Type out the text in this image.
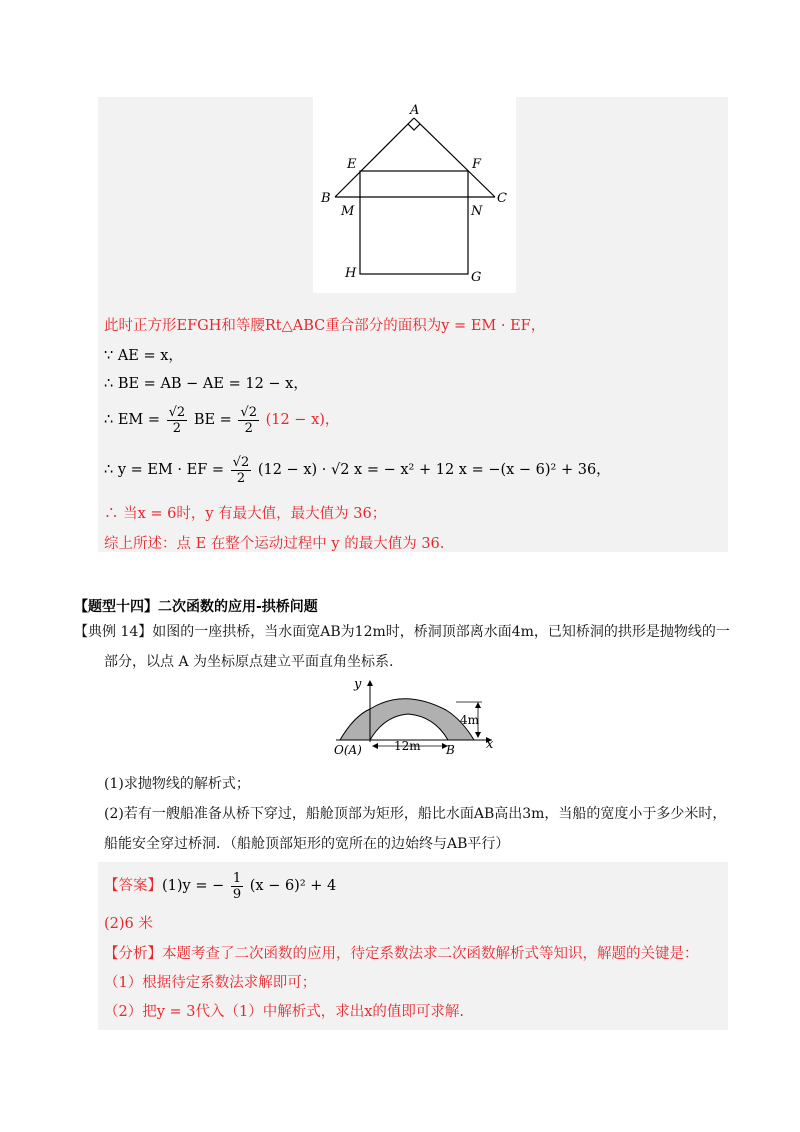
A
E	F
B	C
M	N
H	G
此时正方形EFGH和等腰Rt△ABC重合部分的面积为y = EM · EF，
∵ AE = x，
∴ BE = AB − AE = 12 − x，
∴ EM = $\frac{√2}{2}$ BE = $\frac{√2}{2} (12 - x)$，
∴ y = EM · EF = $\frac{√2}{2} (12 - x) \cdot √2$ x = − x² + 12 x = −(x − 6)² + 36，
∴ 当x = 6时，y 有最大值，最大值为 36；
综上所述：点 E 在整个运动过程中 y 的最大值为 36.
【题型十四】二次函数的应用-拱桥问题
【典例 14】如图的一座拱桥，当水面宽AB为12m时，桥洞顶部离水面4m，已知桥洞的拱形是抛物线的一
部分，以点 A 为坐标原点建立平面直角坐标系.
y
x
O(A)	12m
4m
B
(1)求抛物线的解析式；
(2)若有一艘船准备从桥下穿过，船舱顶部为矩形，船比水面AB高出3m，当船的宽度小于多少米时，
船能安全穿过桥洞．（船舱顶部矩形的宽所在的边始终与AB平行）
【答案】(1)y = − $\frac{1}{9} (x - 6)^2 + 4$
(2)6 米
【分析】本题考查了二次函数的应用，待定系数法求二次函数解析式等知识，解题的关键是：
（1）根据待定系数法求解即可；
（2）把y = 3代入（1）中解析式，求出x的值即可求解.
